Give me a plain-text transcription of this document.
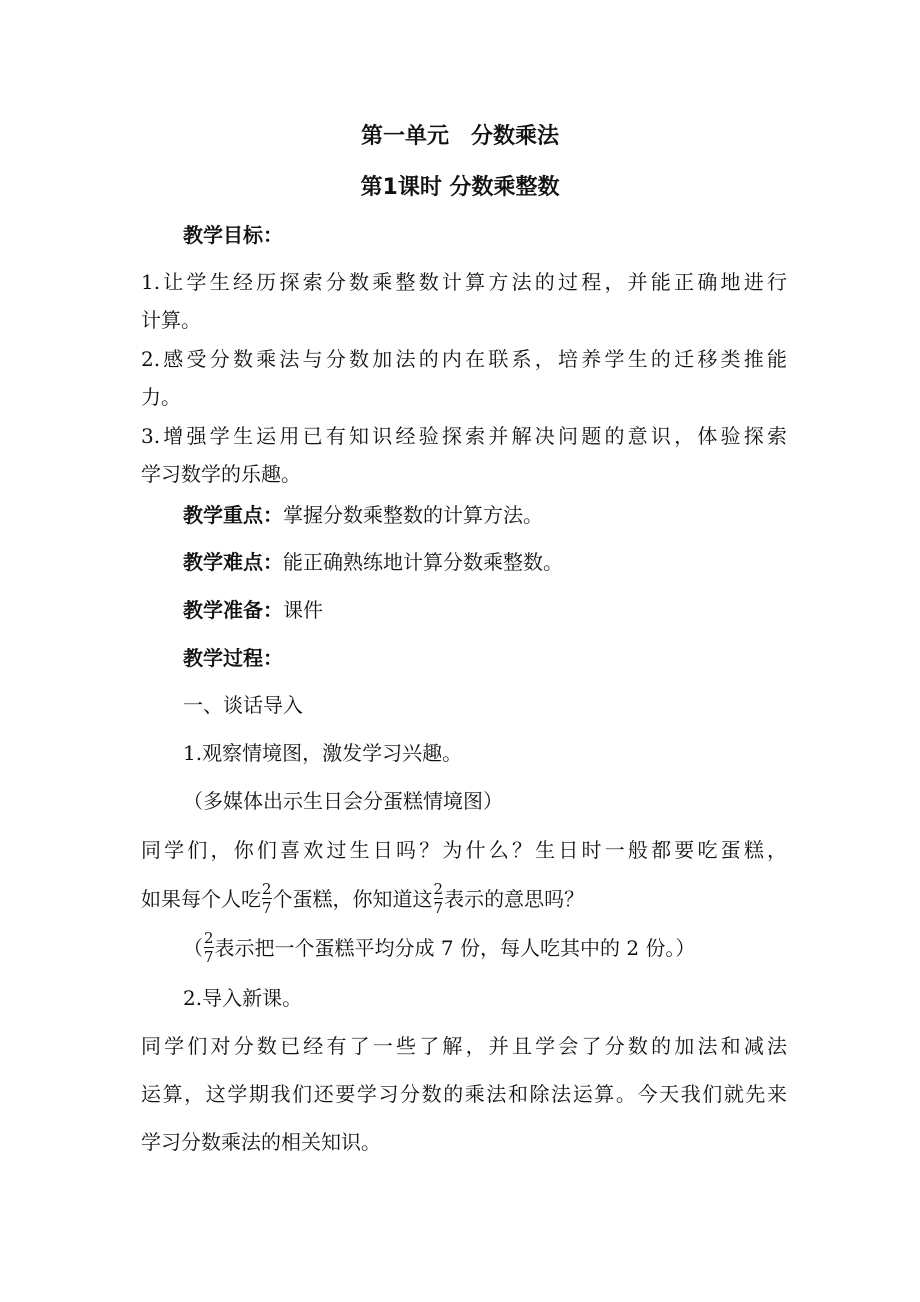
第一单元　分数乘法
第1课时 分数乘整数
教学目标：
1.让学生经历探索分数乘整数计算方法的过程，并能正确地进行
计算。
2.感受分数乘法与分数加法的内在联系，培养学生的迁移类推能
力。
3.增强学生运用已有知识经验探索并解决问题的意识，体验探索
学习数学的乐趣。
教学重点：掌握分数乘整数的计算方法。
教学难点：能正确熟练地计算分数乘整数。
教学准备：课件
教学过程：
一、谈话导入
1.观察情境图，激发学习兴趣。
（多媒体出示生日会分蛋糕情境图）
同学们，你们喜欢过生日吗？为什么？生日时一般都要吃蛋糕，
如果每个人吃 $\frac{2}{7}$ 个蛋糕，你知道这 $\frac{2}{7}$ 表示的意思吗？
（ $\frac{2}{7}$ 表示把一个蛋糕平均分成 7 份，每人吃其中的 2 份。）
2.导入新课。
同学们对分数已经有了一些了解，并且学会了分数的加法和减法
运算，这学期我们还要学习分数的乘法和除法运算。今天我们就先来
学习分数乘法的相关知识。
